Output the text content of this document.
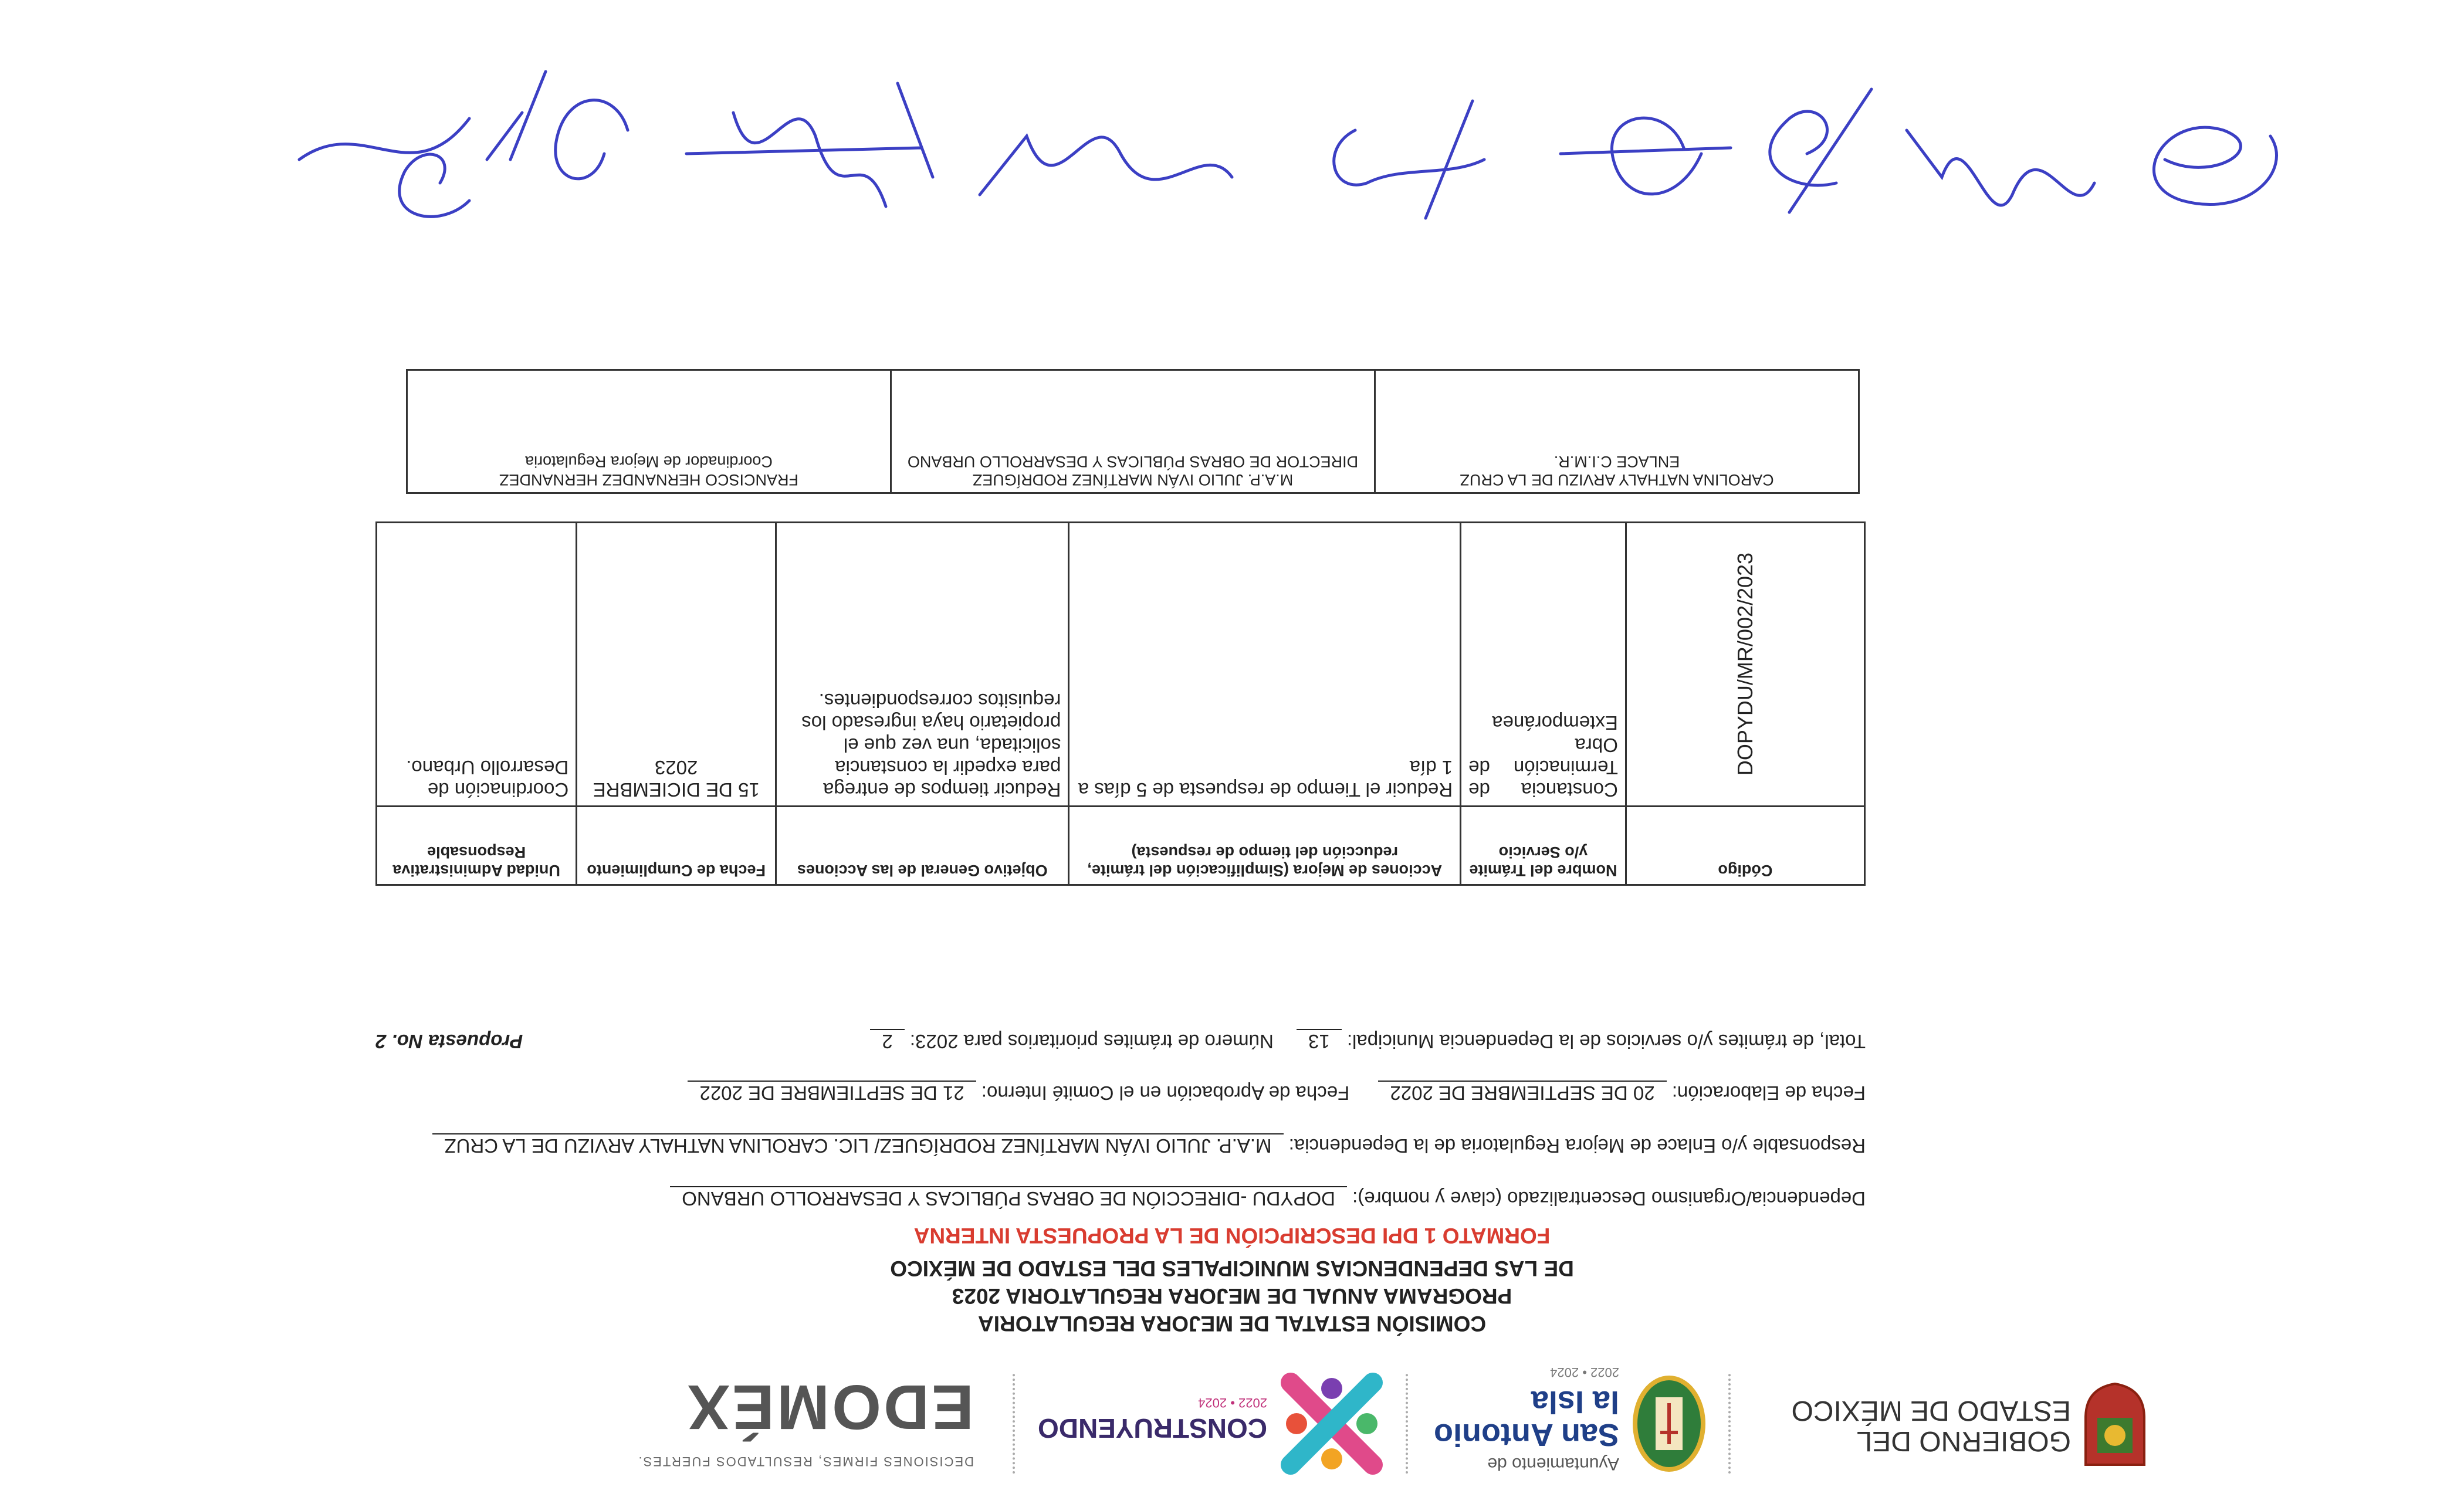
GOBIERNO DEL ESTADO DE MÉXICO
Ayuntamiento de
San Antonio la Isla
2022 • 2024
CONSTRUYENDO
2022 • 2024
EDOMÉX
DECISIONES FIRMES, RESULTADOS FUERTES.
COMISIÓN ESTATAL DE MEJORA REGULATORIA
PROGRAMA ANUAL DE MEJORA REGULATORIA 2023
DE LAS DEPENDENCIAS MUNICIPALES DEL ESTADO DE MÉXICO
FORMATO 1 DPI DESCRIPCIÓN DE LA PROPUESTA INTERNA
Dependencia/Organismo Descentralizado (clave y nombre): DOPYDU -DIRECCIÓN DE OBRAS PÚBLICAS Y DESARROLLO URBANO
Responsable y/o Enlace de Mejora Regulatoria de la Dependencia: M.A.P. JULIO IVÁN MARTÍNEZ RODRÍGUEZ/ LIC. CAROLINA NATHALY ARVIZU DE LA CRUZ
Fecha de Elaboración: 20 DE SEPTIEMBRE DE 2022 Fecha de Aprobación en el Comité Interno: 21 DE SEPTIEMBRE DE 2022
Total, de trámites y/o servicios de la Dependencia Municipal: 13 Número de trámites prioritarios para 2023: 2
Propuesta No. 2
Código	Nombre del Trámite y/o Servicio	Acciones de Mejora (Simplificación del trámite, reducción del tiempo de respuesta)	Objetivo General de las Acciones	Fecha de Cumplimiento	Unidad Administrativa Responsable

DOPYDU/MR/002/2023	Constancia de Terminación de Obra Extemporánea	Reducir el Tiempo de respuesta de 5 días a 1 día	Reducir tiempos de entrega para expedir la constancia solicitada, una vez que el propietario haya ingresado los requisitos correspondientes.	15 DE DICIEMBRE 2023	Coordinación de Desarrollo Urbano.
CAROLINA NATHALY ARVIZU DE LA CRUZ
ENLACE C.I.M.R.

M.A.P. JULIO IVÁN MARTÍNEZ RODRÍGUEZ
DIRECTOR DE OBRAS PÚBLICAS Y DESARROLLO URBANO

FRANCISCO HERNANDEZ HERNANDEZ
Coordinador de Mejora Regulatoria
